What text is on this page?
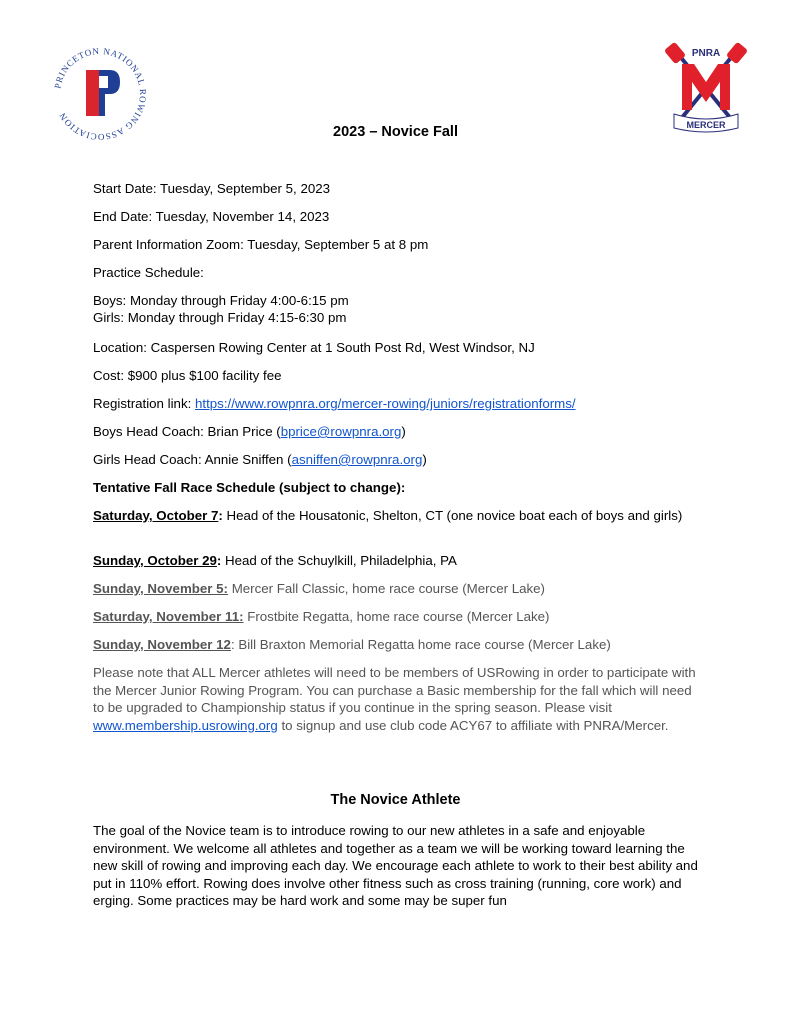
PRINCETON NATIONAL ROWING ASSOCIATION
PNRA
MERCER
2023 – Novice Fall
Start Date: Tuesday, September 5, 2023
End Date: Tuesday, November 14, 2023
Parent Information Zoom: Tuesday, September 5 at 8 pm
Practice Schedule:
Boys: Monday through Friday 4:00-6:15 pm
Girls: Monday through Friday 4:15-6:30 pm
Location: Caspersen Rowing Center at 1 South Post Rd, West Windsor, NJ
Cost: $900 plus $100 facility fee
Registration link: https://www.rowpnra.org/mercer-rowing/juniors/registrationforms/
Boys Head Coach: Brian Price (bprice@rowpnra.org)
Girls Head Coach: Annie Sniffen (asniffen@rowpnra.org)
Tentative Fall Race Schedule (subject to change):
Saturday, October 7: Head of the Housatonic, Shelton, CT (one novice boat each of boys and girls)
Sunday, October 29: Head of the Schuylkill, Philadelphia, PA
Sunday, November 5: Mercer Fall Classic, home race course (Mercer Lake)
Saturday, November 11: Frostbite Regatta, home race course (Mercer Lake)
Sunday, November 12: Bill Braxton Memorial Regatta home race course (Mercer Lake)
Please note that ALL Mercer athletes will need to be members of USRowing in order to participate with the Mercer Junior Rowing Program. You can purchase a Basic membership for the fall which will need to be upgraded to Championship status if you continue in the spring season. Please visit www.membership.usrowing.org to signup and use club code ACY67 to affiliate with PNRA/Mercer.
The Novice Athlete
The goal of the Novice team is to introduce rowing to our new athletes in a safe and enjoyable environment. We welcome all athletes and together as a team we will be working toward learning the new skill of rowing and improving each day. We encourage each athlete to work to their best ability and put in 110% effort. Rowing does involve other fitness such as cross training (running, core work) and erging. Some practices may be hard work and some may be super fun
